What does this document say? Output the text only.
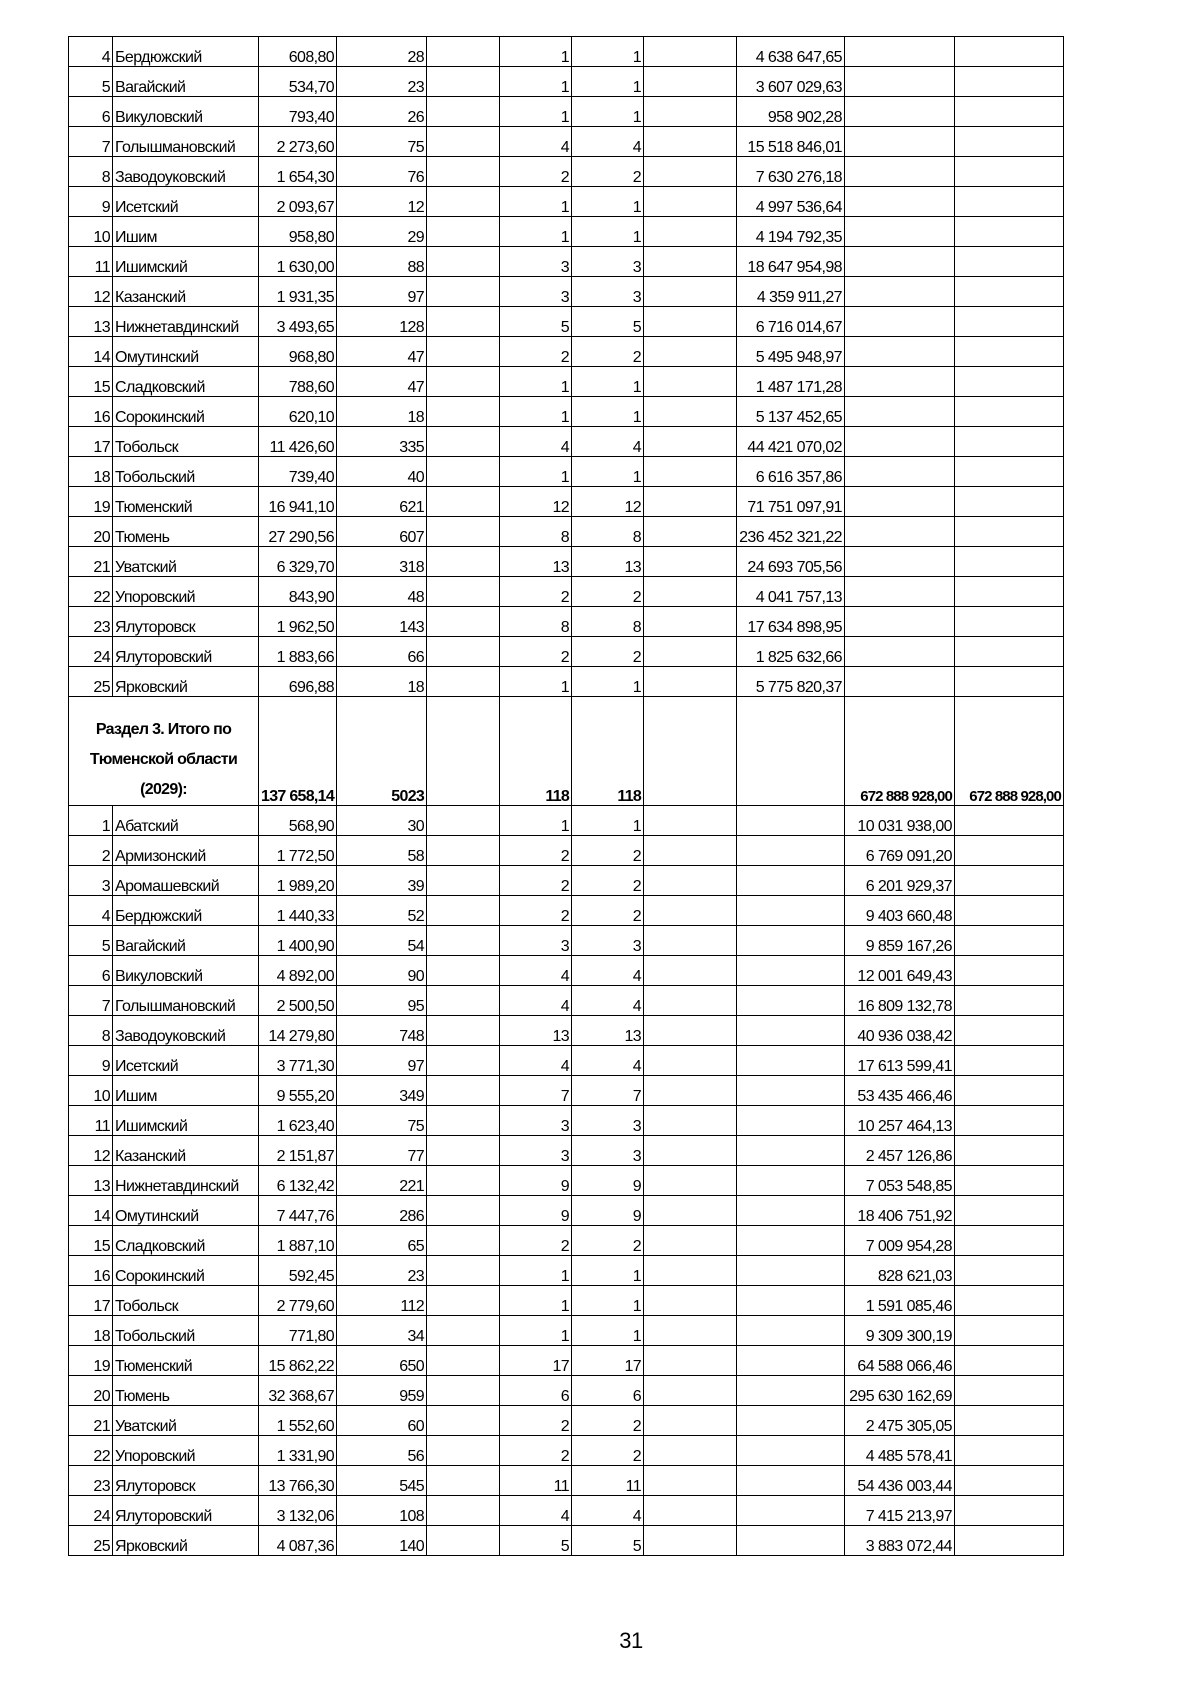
4	Бердюжский	608,80	28		1	1		4 638 647,65		
5	Вагайский	534,70	23		1	1		3 607 029,63		
6	Викуловский	793,40	26		1	1		958 902,28		
7	Голышмановский	2 273,60	75		4	4		15 518 846,01		
8	Заводоуковский	1 654,30	76		2	2		7 630 276,18		
9	Исетский	2 093,67	12		1	1		4 997 536,64		
10	Ишим	958,80	29		1	1		4 194 792,35		
11	Ишимский	1 630,00	88		3	3		18 647 954,98		
12	Казанский	1 931,35	97		3	3		4 359 911,27		
13	Нижнетавдинский	3 493,65	128		5	5		6 716 014,67		
14	Омутинский	968,80	47		2	2		5 495 948,97		
15	Сладковский	788,60	47		1	1		1 487 171,28		
16	Сорокинский	620,10	18		1	1		5 137 452,65		
17	Тобольск	11 426,60	335		4	4		44 421 070,02		
18	Тобольский	739,40	40		1	1		6 616 357,86		
19	Тюменский	16 941,10	621		12	12		71 751 097,91		
20	Тюмень	27 290,56	607		8	8		236 452 321,22		
21	Уватский	6 329,70	318		13	13		24 693 705,56		
22	Упоровский	843,90	48		2	2		4 041 757,13		
23	Ялуторовск	1 962,50	143		8	8		17 634 898,95		
24	Ялуторовский	1 883,66	66		2	2		1 825 632,66		
25	Ярковский	696,88	18		1	1		5 775 820,37		
Раздел 3. Итого по
Тюменской области (2029):		137 658,14	5023		118	118			672 888 928,00	672 888 928,00
1	Абатский	568,90	30		1	1			10 031 938,00	
2	Армизонский	1 772,50	58		2	2			6 769 091,20	
3	Аромашевский	1 989,20	39		2	2			6 201 929,37	
4	Бердюжский	1 440,33	52		2	2			9 403 660,48	
5	Вагайский	1 400,90	54		3	3			9 859 167,26	
6	Викуловский	4 892,00	90		4	4			12 001 649,43	
7	Голышмановский	2 500,50	95		4	4			16 809 132,78	
8	Заводоуковский	14 279,80	748		13	13			40 936 038,42	
9	Исетский	3 771,30	97		4	4			17 613 599,41	
10	Ишим	9 555,20	349		7	7			53 435 466,46	
11	Ишимский	1 623,40	75		3	3			10 257 464,13	
12	Казанский	2 151,87	77		3	3			2 457 126,86	
13	Нижнетавдинский	6 132,42	221		9	9			7 053 548,85	
14	Омутинский	7 447,76	286		9	9			18 406 751,92	
15	Сладковский	1 887,10	65		2	2			7 009 954,28	
16	Сорокинский	592,45	23		1	1			828 621,03	
17	Тобольск	2 779,60	112		1	1			1 591 085,46	
18	Тобольский	771,80	34		1	1			9 309 300,19	
19	Тюменский	15 862,22	650		17	17			64 588 066,46	
20	Тюмень	32 368,67	959		6	6			295 630 162,69	
21	Уватский	1 552,60	60		2	2			2 475 305,05	
22	Упоровский	1 331,90	56		2	2			4 485 578,41	
23	Ялуторовск	13 766,30	545		11	11			54 436 003,44	
24	Ялуторовский	3 132,06	108		4	4			7 415 213,97	
25	Ярковский	4 087,36	140		5	5			3 883 072,44	
31
